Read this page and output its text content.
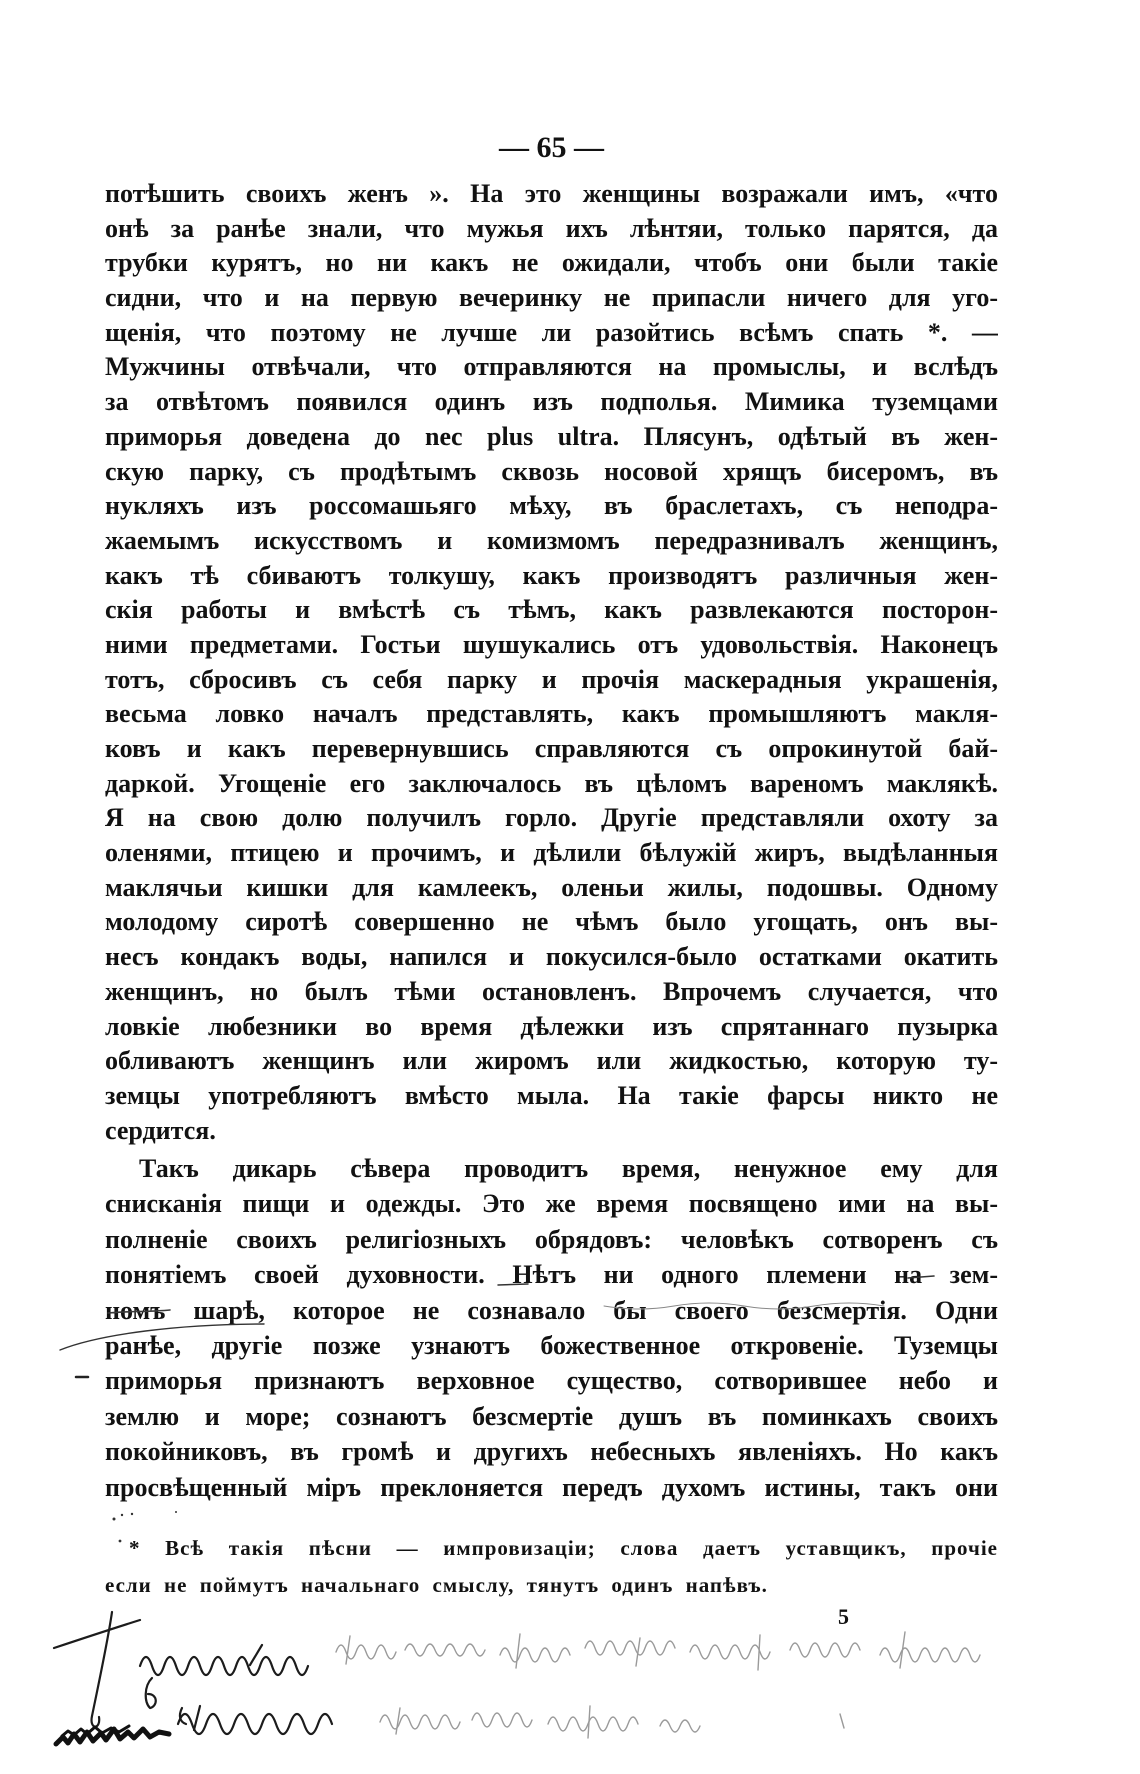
— 65 —
потѣшить своихъ женъ ». На это женщины возражали имъ, «что
онѣ за ранѣе знали, что мужья ихъ лѣнтяи, только парятся, да
трубки курятъ, но ни какъ не ожидали, чтобъ они были такіе
сидни, что и на первую вечеринку не припасли ничего для уго-
щенія, что поэтому не лучше ли разойтись всѣмъ спать *. —
Мужчины отвѣчали, что отправляются на промыслы, и вслѣдъ
за отвѣтомъ появился одинъ изъ подполья. Мимика туземцами
приморья доведена до nec plus ultra. Плясунъ, одѣтый въ жен-
скую парку, съ продѣтымъ сквозь носовой хрящъ бисеромъ, въ
нукляхъ изъ россомашьяго мѣху, въ браслетахъ, съ неподра-
жаемымъ искусствомъ и комизмомъ передразнивалъ женщинъ,
какъ тѣ сбиваютъ толкушу, какъ производятъ различныя жен-
скія работы и вмѣстѣ съ тѣмъ, какъ развлекаются посторон-
ними предметами. Гостьи шушукались отъ удовольствія. Наконецъ
тотъ, сбросивъ съ себя парку и прочія маскерадныя украшенія,
весьма ловко началъ представлять, какъ промышляютъ макля-
ковъ и какъ перевернувшись справляются съ опрокинутой бай-
даркой. Угощеніе его заключалось въ цѣломъ вареномъ маклякѣ.
Я на свою долю получилъ горло. Другіе представляли охоту за
оленями, птицею и прочимъ, и дѣлили бѣлужій жиръ, выдѣланныя
маклячьи кишки для камлеекъ, оленьи жилы, подошвы. Одному
молодому сиротѣ совершенно не чѣмъ было угощать, онъ вы-
несъ кондакъ воды, напился и покусился-было остатками окатить
женщинъ, но былъ тѣми остановленъ. Впрочемъ случается, что
ловкіе любезники во время дѣлежки изъ спрятаннаго пузырка
обливаютъ женщинъ или жиромъ или жидкостью, которую ту-
земцы употребляютъ вмѣсто мыла. На такіе фарсы никто не
сердится.
Такъ дикарь сѣвера проводитъ время, ненужное ему для
снисканія пищи и одежды. Это же время посвящено ими на вы-
полненіе своихъ религіозныхъ обрядовъ: человѣкъ сотворенъ съ
понятіемъ своей духовности. Нѣтъ ни одного племени на зем-
номъ шарѣ, которое не сознавало бы своего безсмертія. Одни
ранѣе, другіе позже узнаютъ божественное откровеніе. Туземцы
приморья признаютъ верховное существо, сотворившее небо и
землю и море; сознаютъ безсмертіе душъ въ поминкахъ своихъ
покойниковъ, въ громѣ и другихъ небесныхъ явленіяхъ. Но какъ
просвѣщенный міръ преклоняется передъ духомъ истины, такъ они
* Всѣ такія пѣсни — импровизаціи; слова даетъ уставщикъ, прочіе
если не поймутъ начальнаго смыслу, тянутъ одинъ напѣвъ.
5
